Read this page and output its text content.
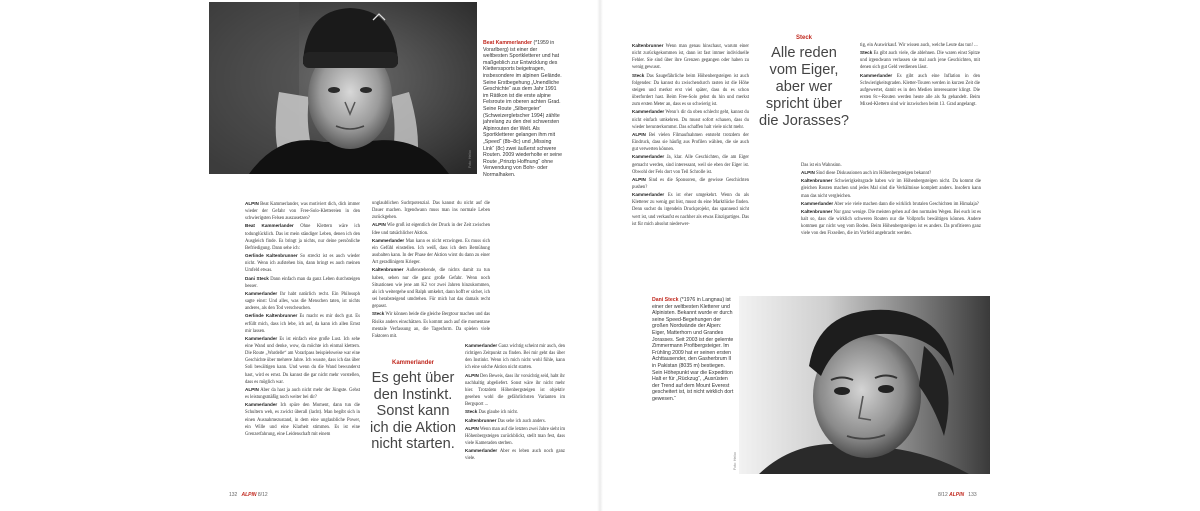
Foto: Heiko
Beat Kammerlander (*1959 in Vorarlberg) ist einer der weltbesten Sportkletterer und hat maßgeblich zur Entwicklung des Kletterssports beigetragen, insbesondere im alpinen Gelände. Seine Erstbegehung „Unendliche Geschichte“ aus dem Jahr 1991 im Rätikon ist die erste alpine Felsroute im oberen achten Grad. Seine Route „Silbergeier“ (Schweizergletscher 1994) zählte jahrelang zu den drei schwersten Alpinrouten der Welt. Als Sportkletterer gelangen ihm mit „Speed“ (8b–8c) und „Missing Link“ (8c) zwei äußerst schwere Routen. 2009 wiederholte er seine Route „Prinzip Hoffnung“ ohne Verwendung von Bohr- oder Normalhaken.

ALPIN Beat Kammerlander, was motiviert dich, dich immer wieder der Gefahr von Free-Solo-Klettereien in den schwierigsten Felsen auszusetzen?

Beat Kammerlander Ohne Klettern wäre ich todunglücklich. Das ist mein ständiger Leben, denen ich den Ausgleich finde. Es bringt ja nichts, nur deine persönliche Befriedigung. Dann sehe ich:

Gerlinde Kaltenbrunner So streckt ist es auch wieder nicht. Wenn ich aufstehen bin, dann bringt es auch meinen Umfeld etwas.

Dani Steck Dann einfach man da ganz Leben durchsteigen besser.

Kammerlander Ihr habt natürlich recht. Ein Philosoph sagte einst: Und alles, was die Menschen taten, ist nichts anderes, als den Tod verscheuchen.

Gerlinde Kaltenbrunner Es macht es mir doch gut. Es erfüllt mich, dass ich lebe, ich auf, da kann ich allen Ernst mir lassen.

Kammerlander Es ist einfach eine große Lust. Ich sehe eine Wand und denke, wow, da möchte ich einmal klettern. Die Route „Wardelle“ am Vorarlpass beispielsweise war eine Geschichte über mehrere Jahre. Ich wusste, dass ich das über Soli bewältigen kann. Und wenn du die Wand bewunderst hast, wird es ernst. Du kannst die gar nicht mehr vorstellen, dass es möglich war.

ALPIN Aber da hast ja auch nicht mehr der Jüngste. Gehst es leistungsmäßig noch weiter bei dir?

Kammerlander Ich spüre den Moment, dann tun die Schultern weh, es zwickt überall (lacht). Man begibt sich in einen Ausnahmezustand, in dem eine unglaubliche Power, ein Wille und eine Klarheit stimmen. Es ist eine Grenzerfahrung, eine Leidenschaft mit einem

unglaublichen Suchtpotenzial. Das kannst du nicht auf die Dauer machen. Irgendwann muss man ins normale Leben zurückgehen.

ALPIN Wie groß ist eigentlich der Druck in der Zeit zwischen Idee und tatsächlicher Aktion.

Kammerlander Man kann es nicht erzwingen. Es muss sich ein Gefühl einstellen. Ich weiß, dass ich dem Bemühung ausbalten kann. In der Phase der Aktion wirst du dann zu einer Art geradlinigem Krieger.

Kaltenbrunner Außenstehende, die nichts damit zu tun haben, sehen nur die ganz große Gefahr. Wenn noch Situationen wie jene am K2 vor zwei Jahren hinzukommen, als ich weitergehe und Ralph umkehrt, dann hofft er sicher, ich sei herabsteigend umdrehen. Für mich hat das damals recht gepasst.

Steck Wir können beide die gleiche Bergtour machen und das Risiko anders einschätzen. Es kommt auch auf die momentane mentale Verfassung an, die Tagesform. Da spielen viele Faktoren mit.

Kammerlander Ganz wichtig scheint mir auch, den richtigen Zeitpunkt zu finden. Bei mir geht das über den Instinkt. Wenn ich mich nicht wohl fühle, kann ich eine solche Aktion nicht starten.

ALPIN Den Beweis, dass ihr vorsichtig seid, habt ihr nachhaltig abgeliefert. Sonst wäre ihr nicht mehr hier. Trotzdem Höhenbergsteigen ist objektiv gesehen wohl die gefährlichsten Varianten im Bergsport ...

Steck Das glaube ich nicht.

Kaltenbrunner Das sehe ich auch anders.

ALPIN Wenn man auf die letzten zwei Jahre sieht im Höhenbergsteigen zurückblickt, stellt man fest, dass viele Kameraden sterben.

Kammerlander Aber es leben auch noch ganz viele.

Kammerlander
Es geht über
den Instinkt.
Sonst kann
ich die Aktion
nicht starten.
132 ALPIN 8/12

Kaltenbrunner Wenn man genau hinschaut, warum einer nicht zurückgekommen ist, dann ist fast immer individuelle Fehler. Sie sind über ihre Grenzen gegangen oder haben zu wenig gewusst.

Steck Das Saugefährliche beim Höhenbergsteigen ist auch folgendes: Da kannst du zwischendurch rasten ist die Höhe steigen und merkst erst viel später, dass du es schon überfordert hast. Beim Free-Solo gehst du hin und merkst zum ersten Meter an, dass es so schwierig ist.

Kammerlander Wenn’s dir da oben schlecht geht, kannst du nicht einfach umkehren. Du musst sofort schauen, dass du wieder herunterkommst. Das schaffen halt viele nicht mehr.

ALPIN Bei vielen Filmaufnahmen entsteht trotzdem der Eindruck, dass sie häufig aus Profilen wählen, die sie auch gut verwerten können.

Kammerlander Ja, klar. Alle Geschichten, die am Eiger gemacht werden, sind interessant, weil sie eben der Eiger ist. Obwohl der Fels dort von Teil Schrolle ist.

ALPIN Sind es die Sponsoren, die gewisse Geschichten pushen?

Kammerlander Es ist eher umgekehrt. Wenn du als Kletterer zu wenig gut bist, musst du eine Marktlücke finden. Denn suchst du irgendein Druckprojekt, das spannend nicht wert ist, und verkaufst es nachher als etwas Einzigartiges. Das ist für mich absolut niederwer-

Steck
Alle reden
vom Eiger,
aber wer
spricht über
die Jorasses?

tig, ein Auswirkauf. Wir wissen auch, welche Leute das tun! ...

Steck Es gibt auch viele, die ablehnen. Die waren einst Spitze und irgendwann verlassen sie mal auch jene Geschichten, mit denen sich gut Geld verdienen lässt.

Kammerlander Es gibt auch eine Inflation in den Schwierigkeitsgraden. Kletter-Touren werden in kurzen Zeit die aufgewertet, damit es in den Medien interessanter klingt. Die ersten 8c+-Routen werden heute alle als 9a gehandelt. Beim Mixed-Klettern sind wir inzwischen beim 13. Grad angelangt.

Das ist ein Wahnsinn.

ALPIN Sind diese Diskussionen auch im Höhenbergsteigen bekannt?

Kaltenbrunner Schwierigkeitsgrade haben wir im Höhenbergsteigen nicht. Da kommt die gleichen Routen machen und jedes Mal sind die Verhältnisse komplett anders. Insofern kann man das nicht vergleichen.

Kammerlander Aber wie viele machen dann die wirklich brutalen Geschichten im Himalaja?

Kaltenbrunner Nur ganz wenige. Die meisten gehen auf den normalen Wegen. Bei euch ist es halt so, dass die wirklich schweren Routen nur die Vollprofis bewältigen können. Andere kommen gar nicht weg vom Boden. Beim Höhenbergsteigen ist es anders. Da profitieren ganz viele von den Fixseilen, die im Vorfeld angebracht werden.

Dani Steck (*1976 in Langnau) ist einer der weltbesten Kletterer und Alpinisten. Bekannt wurde er durch seine Speed-Begehungen der großen Nordwände der Alpen: Eiger, Matterhorn und Grandes Jorasses. Seit 2003 ist der gelernte Zimmermann Profibergsteiger. Im Frühling 2009 hat er seinen ersten Achttausender, den Gasherbrum II in Pakistan (8035 m) bestiegen. Sein Höhepunkt war die Expedition Halt er für „Rückzug“, „Ausrüsten der Trend auf dem Mount Everest gescheitert ist, ist nicht wirklich dort gewesen.“
Foto: Heiko
8/12 ALPIN 133
